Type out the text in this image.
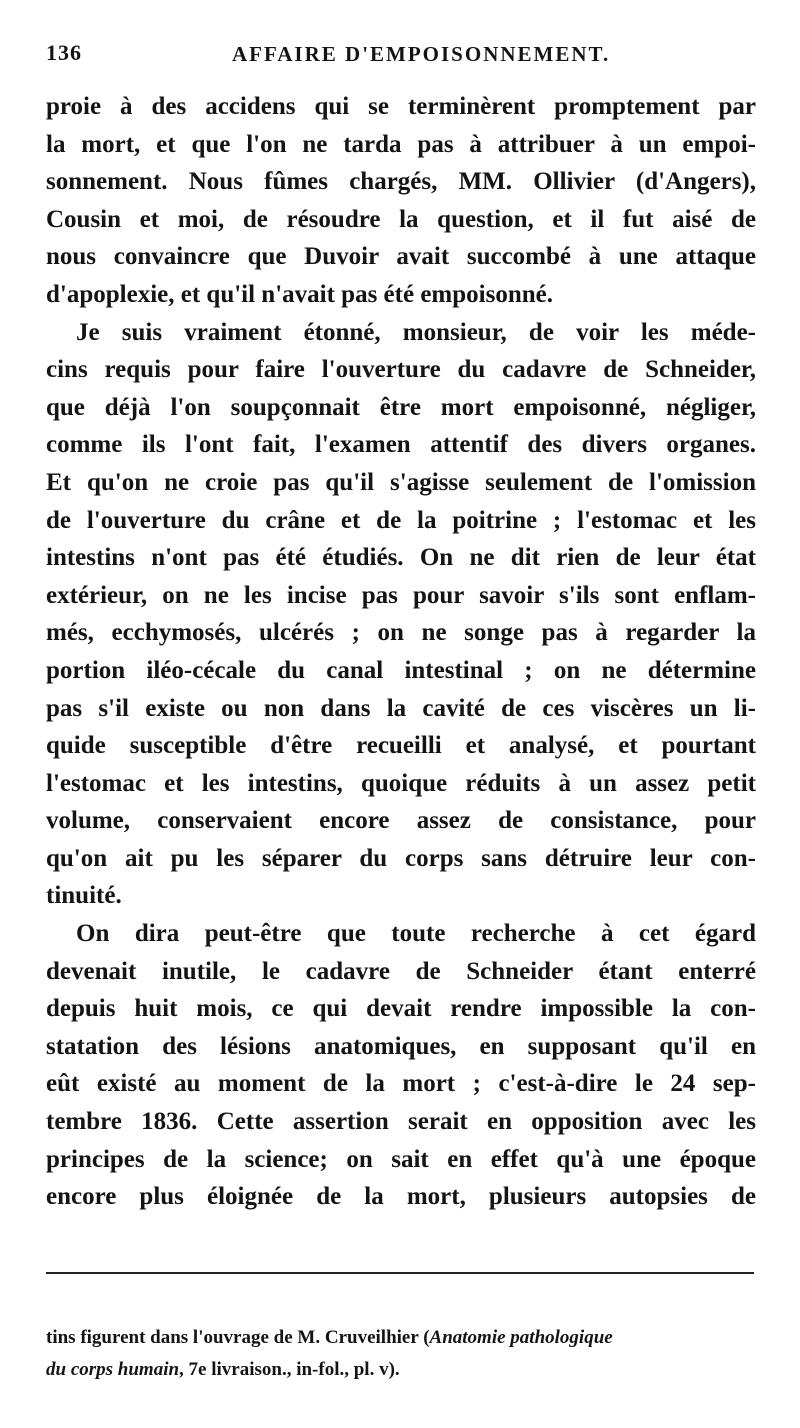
136	AFFAIRE D'EMPOISONNEMENT.
proie à des accidens qui se terminèrent promptement par
la mort, et que l'on ne tarda pas à attribuer à un empoi-
sonnement. Nous fûmes chargés, MM. Ollivier (d'Angers),
Cousin et moi, de résoudre la question, et il fut aisé de
nous convaincre que Duvoir avait succombé à une attaque
d'apoplexie, et qu'il n'avait pas été empoisonné.
Je suis vraiment étonné, monsieur, de voir les méde-
cins requis pour faire l'ouverture du cadavre de Schneider,
que déjà l'on soupçonnait être mort empoisonné, négliger,
comme ils l'ont fait, l'examen attentif des divers organes.
Et qu'on ne croie pas qu'il s'agisse seulement de l'omission
de l'ouverture du crâne et de la poitrine ; l'estomac et les
intestins n'ont pas été étudiés. On ne dit rien de leur état
extérieur, on ne les incise pas pour savoir s'ils sont enflam-
més, ecchymosés, ulcérés ; on ne songe pas à regarder la
portion iléo-cécale du canal intestinal ; on ne détermine
pas s'il existe ou non dans la cavité de ces viscères un li-
quide susceptible d'être recueilli et analysé, et pourtant
l'estomac et les intestins, quoique réduits à un assez petit
volume, conservaient encore assez de consistance, pour
qu'on ait pu les séparer du corps sans détruire leur con-
tinuité.
On dira peut-être que toute recherche à cet égard
devenait inutile, le cadavre de Schneider étant enterré
depuis huit mois, ce qui devait rendre impossible la con-
statation des lésions anatomiques, en supposant qu'il en
eût existé au moment de la mort ; c'est-à-dire le 24 sep-
tembre 1836. Cette assertion serait en opposition avec les
principes de la science; on sait en effet qu'à une époque
encore plus éloignée de la mort, plusieurs autopsies de
tins figurent dans l'ouvrage de M. Cruveilhier (Anatomie pathologique
du corps humain, 7e livraison., in-fol., pl. v).
